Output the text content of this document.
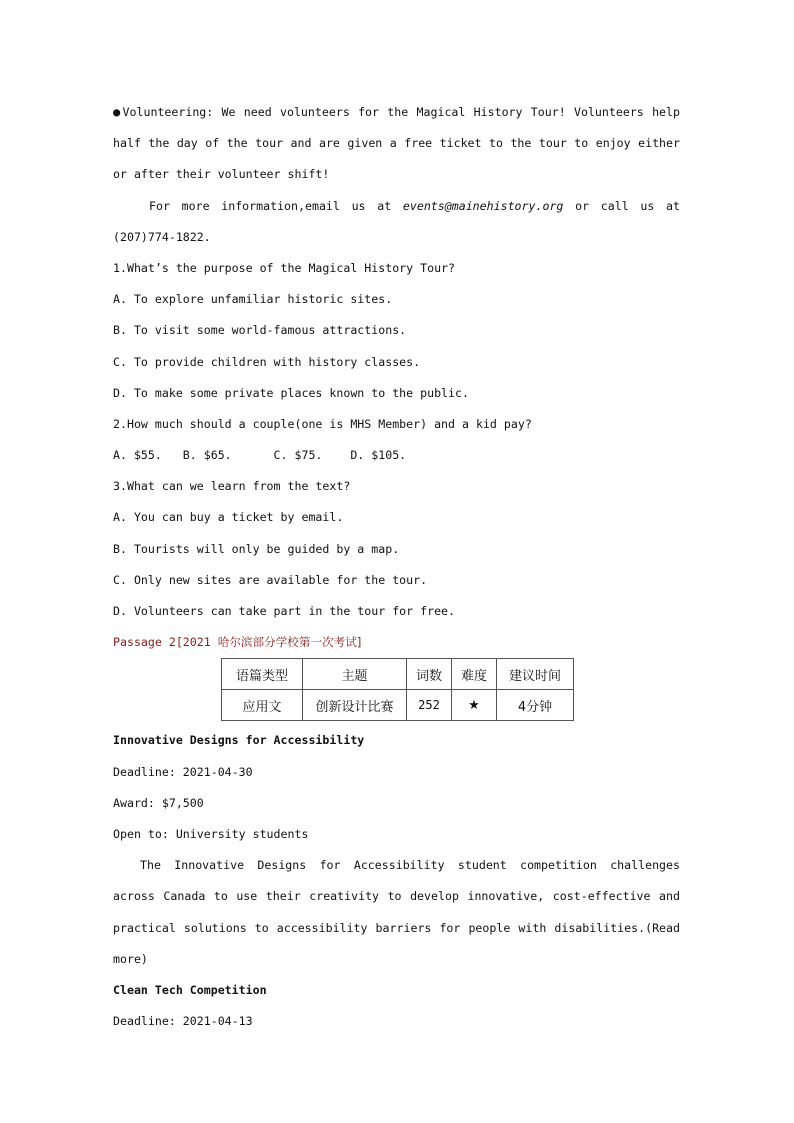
●Volunteering: We need volunteers for the Magical History Tour! Volunteers help
half the day of the tour and are given a free ticket to the tour to enjoy either
or after their volunteer shift!
For more information,email us at events@mainehistory.org or call us at
(207)774-1822.
1.What’s the purpose of the Magical History Tour?
A. To explore unfamiliar historic sites.
B. To visit some world-famous attractions.
C. To provide children with history classes.
D. To make some private places known to the public.
2.How much should a couple(one is MHS Member) and a kid pay?
A. $55.   B. $65.      C. $75.    D. $105.
3.What can we learn from the text?
A. You can buy a ticket by email.
B. Tourists will only be guided by a map.
C. Only new sites are available for the tour.
D. Volunteers can take part in the tour for free.
Passage 2[2021 哈尔滨部分学校第一次考试]
语篇类型	主题	词数	难度	建议时间
应用文	创新设计比赛	252	★	4分钟
Innovative Designs for Accessibility
Deadline: 2021-04-30
Award: $7,500
Open to: University students
The Innovative Designs for Accessibility student competition challenges
across Canada to use their creativity to develop innovative, cost-effective and
practical solutions to accessibility barriers for people with disabilities.(Read
more)
Clean Tech Competition
Deadline: 2021-04-13
